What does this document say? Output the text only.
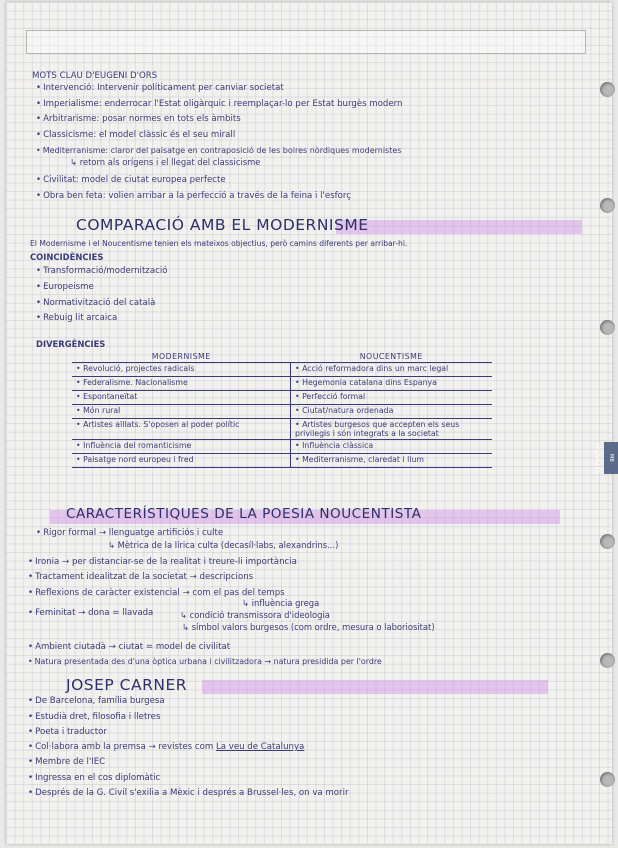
MB NOUNELLES
MOTS CLAU D'EUGENI D'ORS
• Intervenció: Intervenir políticament per canviar societat
• Imperialisme: enderrocar l'Estat oligàrquic i reemplaçar-lo per Estat burgès modern
• Arbitrarisme: posar normes en tots els àmbits
• Classicisme: el model clàssic és el seu mirall
• Mediterranisme: claror del paisatge en contraposició de les boires nòrdiques modernistes
↳ retorn als orígens i el llegat del classicisme
• Civilitat: model de ciutat europea perfecte
• Obra ben feta: volien arribar a la perfecció a través de la feina i l'esforç
COMPARACIÓ AMB EL MODERNISME
El Modernisme i el Noucentisme tenien els mateixos objectius, però camins diferents per arribar-hi.
COINCIDÈNCIES
• Transformació/modernització
• Europeisme
• Normativització del català
• Rebuig lit arcaica
DIVERGÈNCIES
MODERNISME	NOUCENTISME
• Revolució, projectes radicals	• Acció reformadora dins un marc legal
• Federalisme. Nacionalisme	• Hegemonia catalana dins Espanya
• Espontaneïtat	• Perfecció formal
• Món rural	• Ciutat/natura ordenada
• Artistes aïllats. S'oposen al poder polític	• Artistes burgesos que accepten els seus privilegis i són integrats a la societat
• Influència del romanticisme	• Influència clàssica
• Paisatge nord europeu i fred	• Mediterranisme, claredat i llum
CARACTERÍSTIQUES DE LA POESIA NOUCENTISTA
• Rigor formal → llenguatge artificiós i culte
↳ Mètrica de la lírica culta (decasíl·labs, alexandrins...)
• Ironia → per distanciar-se de la realitat i treure-li importància
• Tractament idealitzat de la societat → descripcions
• Reflexions de caràcter existencial → com el pas del temps
↳ influència grega
• Feminitat → dona = llavada	↳ condició transmissora d'ideologia
↳ símbol valors burgesos (com ordre, mesura o laboriositat)
• Ambient ciutadà → ciutat = model de civilitat
• Natura presentada des d'una òptica urbana i civilitzadora → natura presidida per l'ordre
JOSEP CARNER
• De Barcelona, família burgesa
• Estudià dret, filosofia i lletres
• Poeta i traductor
• Col·labora amb la premsa → revistes com La veu de Catalunya
• Membre de l'IEC
• Ingressa en el cos diplomàtic
• Després de la G. Civil s'exilia a Mèxic i després a Brussel·les, on va morir
